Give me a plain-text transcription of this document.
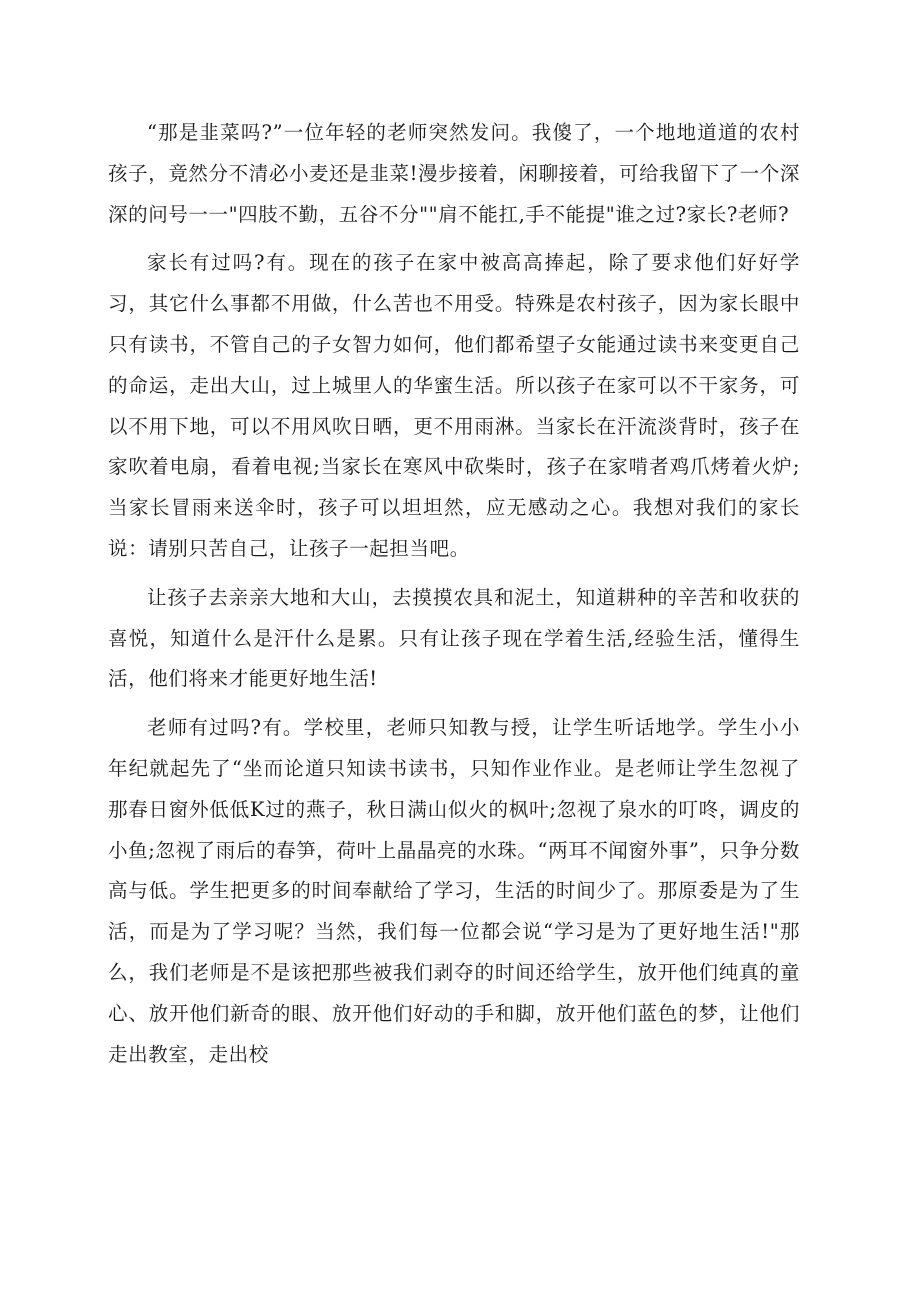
“那是韭菜吗?”一位年轻的老师突然发问。我傻了，一个地地道道的农村孩子，竟然分不清必小麦还是韭菜!漫步接着，闲聊接着，可给我留下了一个深深的问号一一"四肢不勤，五谷不分""肩不能扛,手不能提"谁之过?家长?老师?

家长有过吗?有。现在的孩子在家中被高高捧起，除了要求他们好好学习，其它什么事都不用做，什么苦也不用受。特殊是农村孩子，因为家长眼中只有读书，不管自己的子女智力如何，他们都希望子女能通过读书来变更自己的命运，走出大山，过上城里人的华蜜生活。所以孩子在家可以不干家务，可以不用下地，可以不用风吹日晒，更不用雨淋。当家长在汗流淡背时，孩子在家吹着电扇，看着电视;当家长在寒风中砍柴时，孩子在家啃者鸡爪烤着火炉;当家长冒雨来送伞时，孩子可以坦坦然，应无感动之心。我想对我们的家长说：请别只苦自己，让孩子一起担当吧。

让孩子去亲亲大地和大山，去摸摸农具和泥土，知道耕种的辛苦和收获的喜悦，知道什么是汗什么是累。只有让孩子现在学着生活,经验生活，懂得生活，他们将来才能更好地生活!

老师有过吗?有。学校里，老师只知教与授，让学生听话地学。学生小小年纪就起先了“坐而论道只知读书读书，只知作业作业。是老师让学生忽视了那春日窗外低低K过的燕子，秋日满山似火的枫叶;忽视了泉水的叮咚，调皮的小鱼;忽视了雨后的春笋，荷叶上晶晶亮的水珠。“两耳不闻窗外事”，只争分数高与低。学生把更多的时间奉献给了学习，生活的时间少了。那原委是为了生活，而是为了学习呢？当然，我们每一位都会说“学习是为了更好地生活!"那么，我们老师是不是该把那些被我们剥夺的时间还给学生，放开他们纯真的童心、放开他们新奇的眼、放开他们好动的手和脚，放开他们蓝色的梦，让他们走出教室，走出校
